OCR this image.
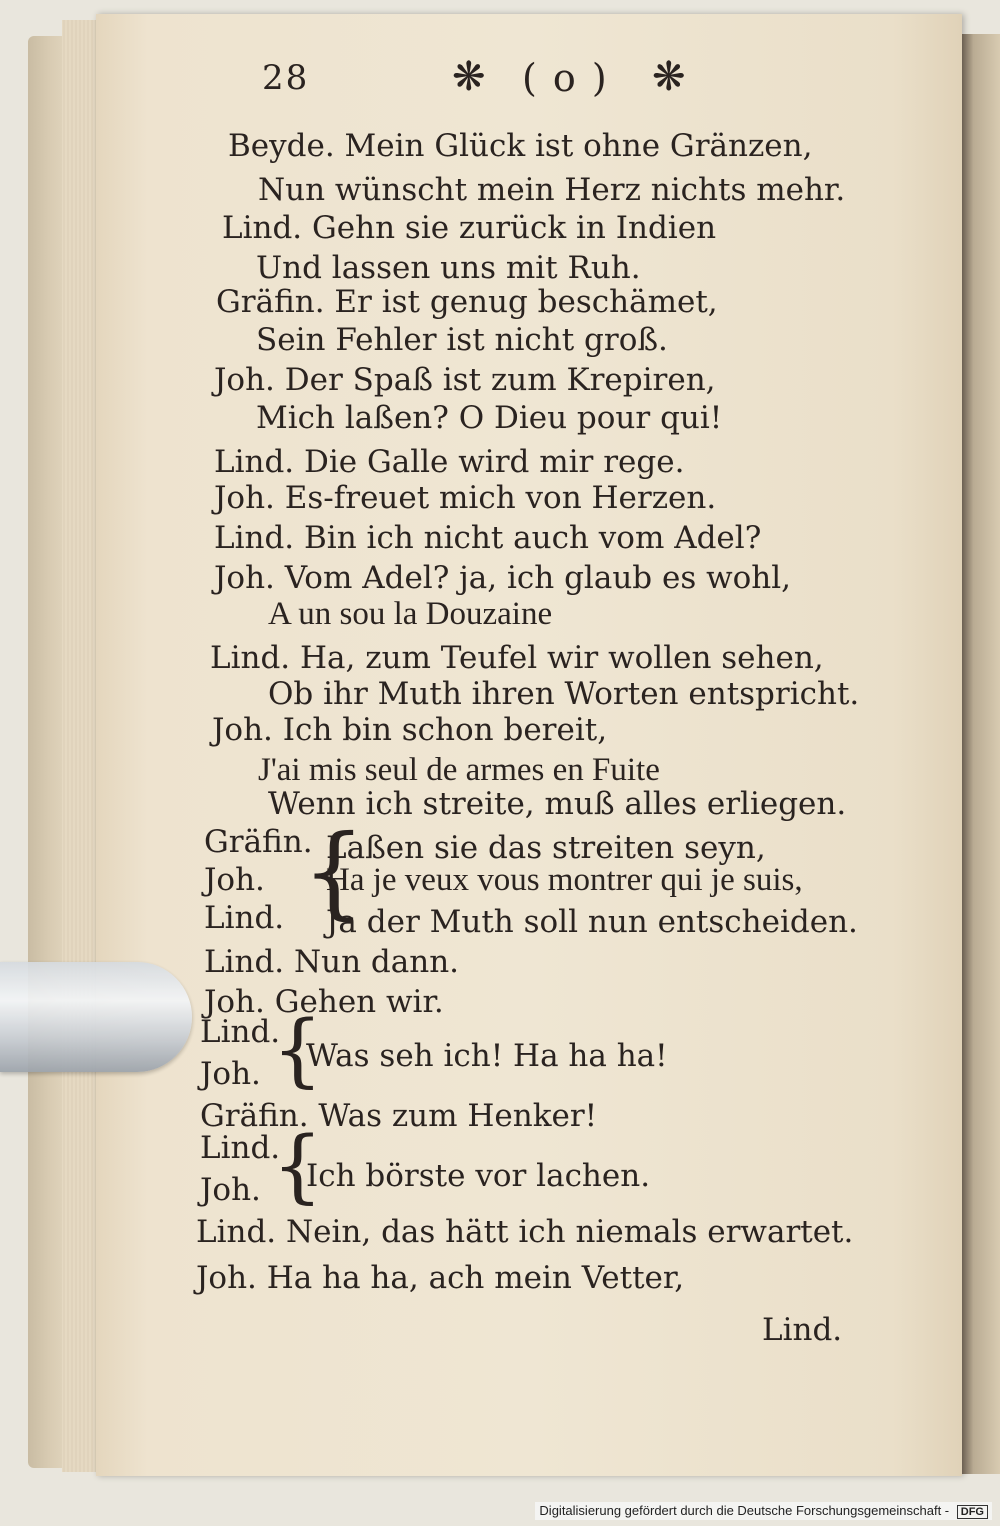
28	❋ ( o ) ❋
Beyde. Mein Glück ist ohne Gränzen,
Nun wünscht mein Herz nichts mehr.
Lind. Gehn sie zurück in Indien
Und lassen uns mit Ruh.
Gräfin. Er ist genug beschämet,
Sein Fehler ist nicht groß.
Joh. Der Spaß ist zum Krepiren,
Mich laßen? O Dieu pour qui!
Lind. Die Galle wird mir rege.
Joh. Es-freuet mich von Herzen.
Lind. Bin ich nicht auch vom Adel?
Joh. Vom Adel? ja, ich glaub es wohl,
A un sou la Douzaine
Lind. Ha, zum Teufel wir wollen sehen,
Ob ihr Muth ihren Worten entspricht.
Joh. Ich bin schon bereit,
J'ai mis seul de armes en Fuite
Wenn ich streite, muß alles erliegen.
Gräfin. Laßen sie das streiten seyn,
Joh. Ha je veux vous montrer qui je suis,
Lind. Ja der Muth soll nun entscheiden.
{
Lind. Nun dann.
Joh. Gehen wir.
Lind.
Joh. {
Was seh ich! Ha ha ha!
Gräfin. Was zum Henker!
Lind.
Joh. {
Ich börste vor lachen.
Lind. Nein, das hätt ich niemals erwartet.
Joh. Ha ha ha, ach mein Vetter,
Lind.
Digitalisierung gefördert durch die Deutsche Forschungsgemeinschaft - DFG
